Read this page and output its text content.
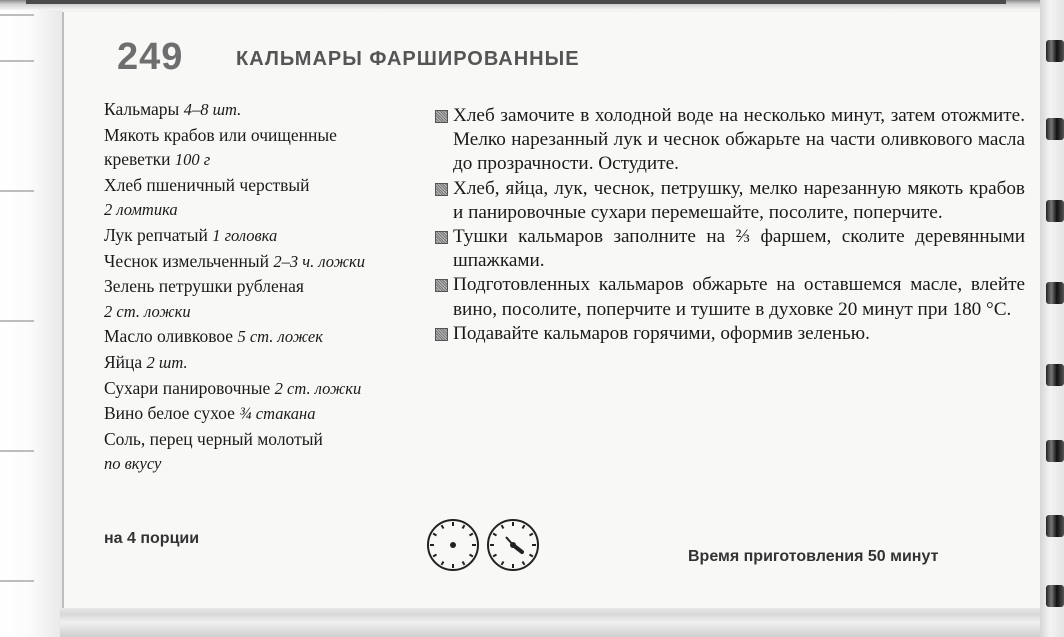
249	КАЛЬМАРЫ ФАРШИРОВАННЫЕ
Кальмары 4–8 шт.
Мякоть крабов или очищенные
креветки 100 г
Хлеб пшеничный черствый
2 ломтика
Лук репчатый 1 головка
Чеснок измельченный 2–3 ч. ложки
Зелень петрушки рубленая
2 ст. ложки
Масло оливковое 5 ст. ложек
Яйца 2 шт.
Сухари панировочные 2 ст. ложки
Вино белое сухое ¾ стакана
Соль, перец черный молотый
по вкусу
Хлеб замочите в холодной воде на несколько минут, затем отожмите. Мелко нарезанный лук и чеснок обжарьте на части оливкового масла до прозрачности. Остудите.
Хлеб, яйца, лук, чеснок, петрушку, мелко нарезанную мякоть крабов и панировочные сухари перемешайте, посолите, поперчите.
Тушки кальмаров заполните на ⅔ фаршем, сколите деревянными шпажками.
Подготовленных кальмаров обжарьте на оставшемся масле, влейте вино, посолите, поперчите и тушите в духовке 20 минут при 180 °С.
Подавайте кальмаров горячими, оформив зеленью.
на 4 порции
Время приготовления 50 минут
